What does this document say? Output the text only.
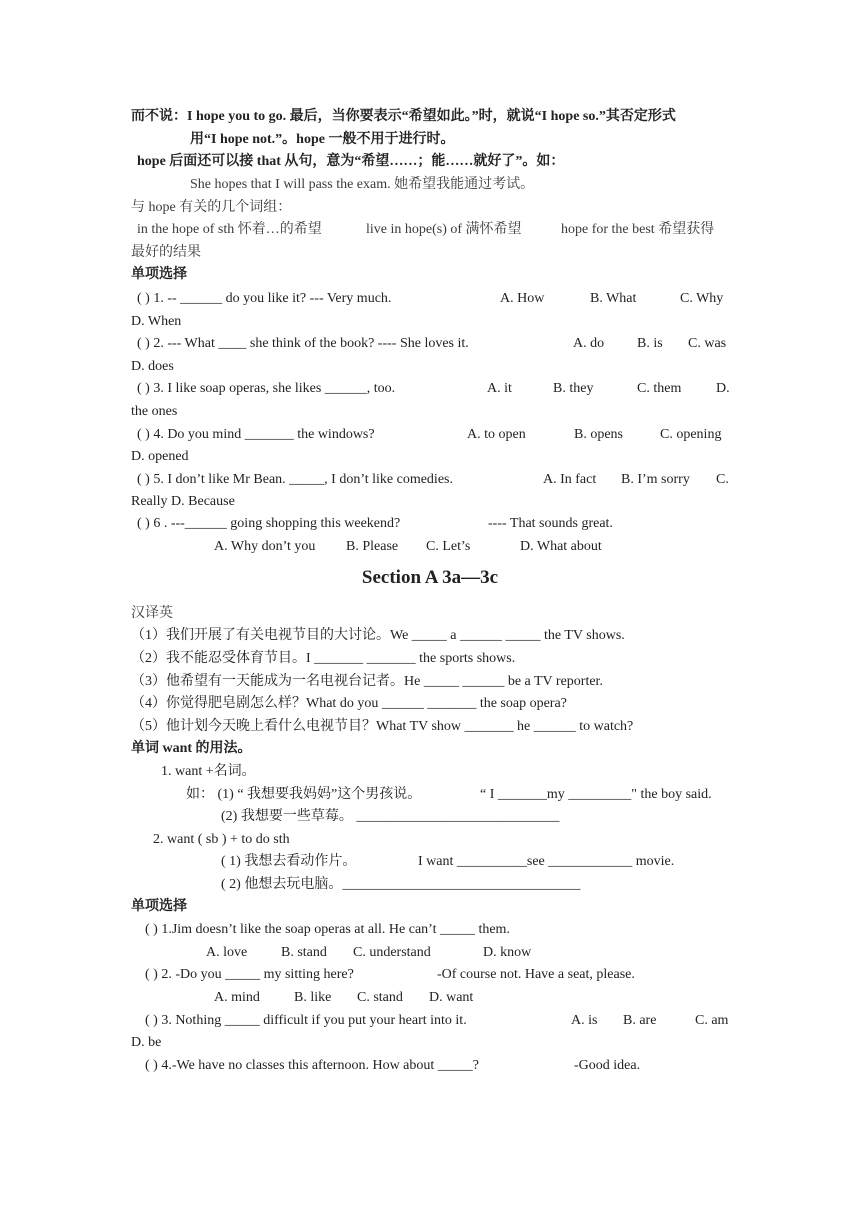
而不说：I hope you to go. 最后，当你要表示“希望如此。”时，就说“I hope so.”其否定形式
用“I hope not.”。hope 一般不用于进行时。
hope 后面还可以接 that 从句，意为“希望……；能……就好了”。如：
She hopes that I will pass the exam. 她希望我能通过考试。
与 hope 有关的几个词组：
in the hope of sth 怀着…的希望	live in hope(s) of 满怀希望	hope for the best 希望获得
最好的结果
单项选择
( ) 1. -- ______ do you like it? --- Very much.	A. How	B. What	C. Why
D. When
( ) 2. --- What ____ she think of the book? ---- She loves it.	A. do B. is C. was
D. does
( ) 3. I like soap operas, she likes ______, too.	A. it	B. they	C. them D.
the ones
( ) 4. Do you mind _______ the windows?	A. to open	B. opens	C. opening
D. opened
( ) 5. I don’t like Mr Bean. _____, I don’t like comedies.	A. In fact B. I’m sorry C.
Really D. Because
( ) 6 . ---______ going shopping this weekend?	---- That sounds great.
A. Why don’t you B. Please C. Let’s	D. What about
Section A 3a—3c
汉译英
（1）我们开展了有关电视节目的大讨论。We _____ a ______ _____ the TV shows.
（2）我不能忍受体育节目。I _______ _______ the sports shows.
（3）他希望有一天能成为一名电视台记者。He _____ ______ be a TV reporter.
（4）你觉得肥皂剧怎么样？What do you ______ _______ the soap opera?
（5）他计划今天晚上看什么电视节目？What TV show _______ he ______ to watch?
单词 want 的用法。
1. want +名词。
如： (1) “ 我想要我妈妈”这个男孩说。	“ I _______my _________" the boy said.
(2) 我想要一些草莓。 _____________________________
2. want ( sb ) + to do sth
( 1) 我想去看动作片。	I want __________see ____________ movie.
( 2) 他想去玩电脑。__________________________________
单项选择
( ) 1.Jim doesn’t like the soap operas at all. He can’t _____ them.
A. love B. stand C. understand	D. know
( ) 2. -Do you _____ my sitting here?	-Of course not. Have a seat, please.
A. mind B. like C. stand D. want
( ) 3. Nothing _____ difficult if you put your heart into it.	A. is B. are	C. am
D. be
( ) 4.-We have no classes this afternoon. How about _____?	-Good idea.
